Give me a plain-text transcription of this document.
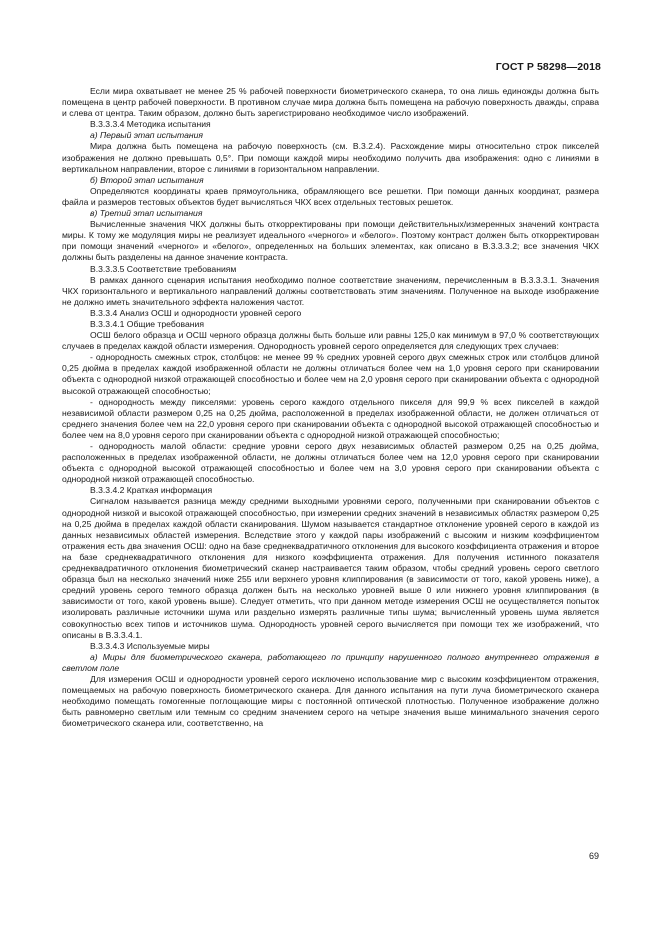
ГОСТ Р 58298—2018

Если мира охватывает не менее 25 % рабочей поверхности биометрического сканера, то она лишь единожды должна быть помещена в центр рабочей поверхности. В противном случае мира должна быть помещена на рабочую поверхность дважды, справа и слева от центра. Таким образом, должно быть зарегистрировано необходимое число изображений.

В.3.3.3.4 Методика испытания

а) Первый этап испытания

Мира должна быть помещена на рабочую поверхность (см. В.3.2.4). Расхождение миры относительно строк пикселей изображения не должно превышать 0,5°. При помощи каждой миры необходимо получить два изображения: одно с линиями в вертикальном направлении, второе с линиями в горизонтальном направлении.

б) Второй этап испытания

Определяются координаты краев прямоугольника, обрамляющего все решетки. При помощи данных координат, размера файла и размеров тестовых объектов будет вычисляться ЧКХ всех отдельных тестовых решеток.

в) Третий этап испытания

Вычисленные значения ЧКХ должны быть откорректированы при помощи действительных/измеренных значений контраста миры. К тому же модуляция миры не реализует идеального «черного» и «белого». Поэтому контраст должен быть откорректирован при помощи значений «черного» и «белого», определенных на больших элементах, как описано в В.3.3.3.2; все значения ЧКХ должны быть разделены на данное значение контраста.

В.3.3.3.5 Соответствие требованиям

В рамках данного сценария испытания необходимо полное соответствие значениям, перечисленным в В.3.3.3.1. Значения ЧКХ горизонтального и вертикального направлений должны соответствовать этим значениям. Полученное на выходе изображение не должно иметь значительного эффекта наложения частот.

В.3.3.4 Анализ ОСШ и однородности уровней серого

В.3.3.4.1 Общие требования

ОСШ белого образца и ОСШ черного образца должны быть больше или равны 125,0 как минимум в 97,0 % соответствующих случаев в пределах каждой области измерения. Однородность уровней серого определяется для следующих трех случаев:

- однородность смежных строк, столбцов: не менее 99 % средних уровней серого двух смежных строк или столбцов длиной 0,25 дюйма в пределах каждой изображенной области не должны отличаться более чем на 1,0 уровня серого при сканировании объекта с однородной низкой отражающей способностью и более чем на 2,0 уровня серого при сканировании объекта с однородной высокой отражающей способностью;

- однородность между пикселями: уровень серого каждого отдельного пикселя для 99,9 % всех пикселей в каждой независимой области размером 0,25 на 0,25 дюйма, расположенной в пределах изображенной области, не должен отличаться от среднего значения более чем на 22,0 уровня серого при сканировании объекта с однородной высокой отражающей способностью и более чем на 8,0 уровня серого при сканировании объекта с однородной низкой отражающей способностью;

- однородность малой области: средние уровни серого двух независимых областей размером 0,25 на 0,25 дюйма, расположенных в пределах изображенной области, не должны отличаться более чем на 12,0 уровня серого при сканировании объекта с однородной высокой отражающей способностью и более чем на 3,0 уровня серого при сканировании объекта с однородной низкой отражающей способностью.

В.3.3.4.2 Краткая информация

Сигналом называется разница между средними выходными уровнями серого, полученными при сканировании объектов с однородной низкой и высокой отражающей способностью, при измерении средних значений в независимых областях размером 0,25 на 0,25 дюйма в пределах каждой области сканирования. Шумом называется стандартное отклонение уровней серого в каждой из данных независимых областей измерения. Вследствие этого у каждой пары изображений с высоким и низким коэффициентом отражения есть два значения ОСШ: одно на базе среднеквадратичного отклонения для высокого коэффициента отражения и второе на базе среднеквадратичного отклонения для низкого коэффициента отражения. Для получения истинного показателя среднеквадратичного отклонения биометрический сканер настраивается таким образом, чтобы средний уровень серого светлого образца был на несколько значений ниже 255 или верхнего уровня клиппирования (в зависимости от того, какой уровень ниже), а средний уровень серого темного образца должен быть на несколько уровней выше 0 или нижнего уровня клиппирования (в зависимости от того, какой уровень выше). Следует отметить, что при данном методе измерения ОСШ не осуществляется попыток изолировать различные источники шума или раздельно измерять различные типы шума; вычисленный уровень шума является совокупностью всех типов и источников шума. Однородность уровней серого вычисляется при помощи тех же изображений, что описаны в В.3.3.4.1.

В.3.3.4.3 Используемые миры

а) Миры для биометрического сканера, работающего по принципу нарушенного полного внутреннего отражения в светлом поле

Для измерения ОСШ и однородности уровней серого исключено использование мир с высоким коэффициентом отражения, помещаемых на рабочую поверхность биометрического сканера. Для данного испытания на пути луча биометрического сканера необходимо помещать гомогенные поглощающие миры с постоянной оптической плотностью. Полученное изображение должно быть равномерно светлым или темным со средним значением серого на четыре значения выше минимального значения серого биометрического сканера или, соответственно, на

69
